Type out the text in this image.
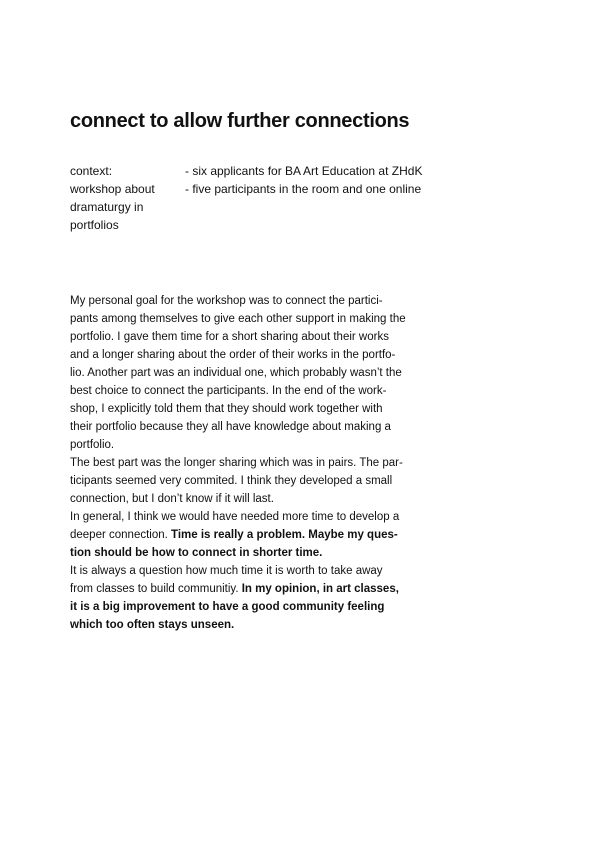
connect to allow further connections
context:
workshop about
dramaturgy in
portfolios
- six applicants for BA Art Education at ZHdK
- five participants in the room and one online
My personal goal for the workshop was to connect the partici-
pants among themselves to give each other support in making the
portfolio. I gave them time for a short sharing about their works
and a longer sharing about the order of their works in the portfo-
lio. Another part was an individual one, which probably wasn’t the
best choice to connect the participants. In the end of the work-
shop, I explicitly told them that they should work together with
their portfolio because they all have knowledge about making a
portfolio.
The best part was the longer sharing which was in pairs. The par-
ticipants seemed very commited. I think they developed a small
connection, but I don’t know if it will last.
In general, I think we would have needed more time to develop a
deeper connection. Time is really a problem. Maybe my ques-
tion should be how to connect in shorter time.
It is always a question how much time it is worth to take away
from classes to build communitiy. In my opinion, in art classes,
it is a big improvement to have a good community feeling
which too often stays unseen.
